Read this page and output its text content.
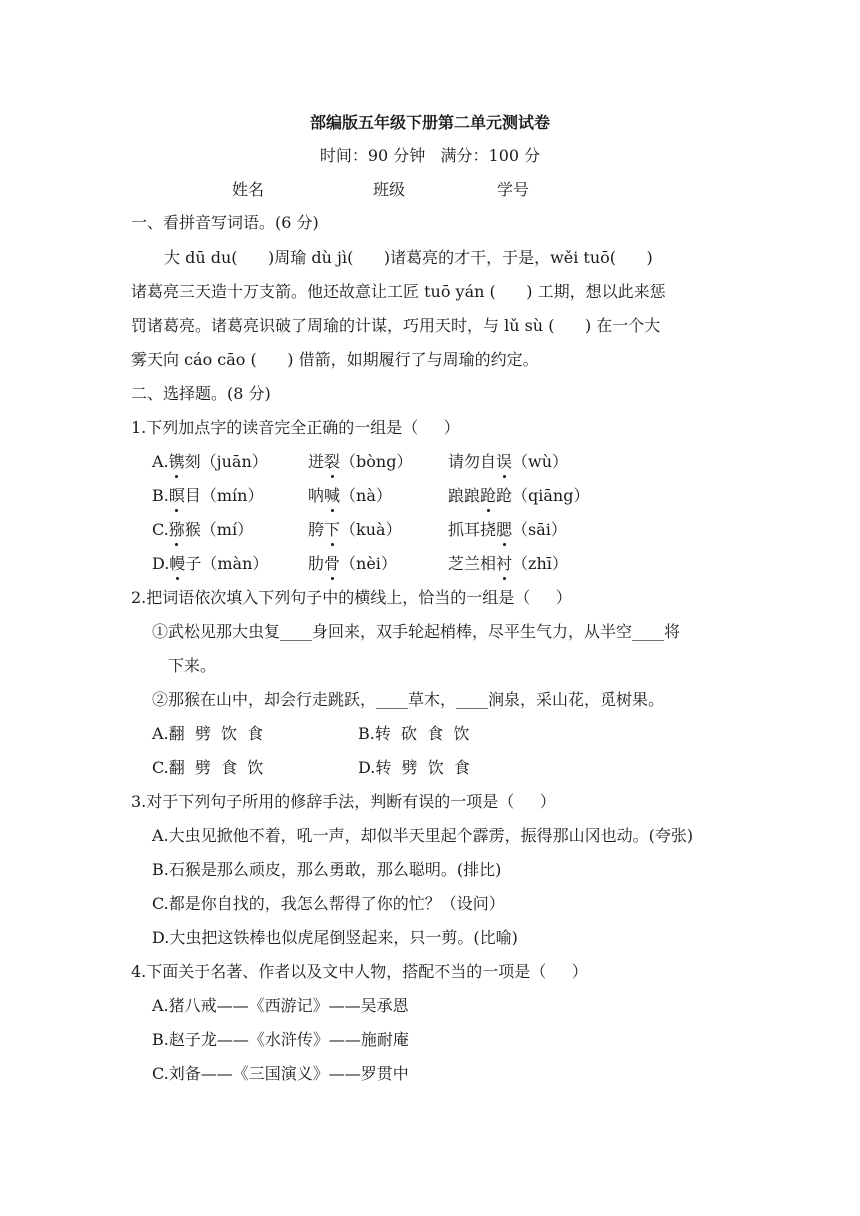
部编版五年级下册第二单元测试卷
时间：90 分钟   满分：100 分
姓名	班级	学号
一、看拼音写词语。(6 分)
大 dū du(      )周瑜 dù jì(      )诸葛亮的才干，于是，wěi tuō(      )
诸葛亮三天造十万支箭。他还故意让工匠 tuō yán (      ) 工期，想以此来惩
罚诸葛亮。诸葛亮识破了周瑜的计谋，巧用天时，与 lǔ sù (      ) 在一个大
雾天向 cáo cāo (      ) 借箭，如期履行了与周瑜的约定。
二、选择题。(8 分)
1.下列加点字的读音完全正确的一组是（     ）
A.镌刻（juān）	迸裂（bòng） 请勿自误（wù）
B.瞑目（mín）	呐喊（nà）	踉踉跄跄（qiāng）
C.猕猴（mí）	胯下（kuà）	抓耳挠腮（sāi）
D.幔子（màn） 肋骨（nèi）	芝兰相衬（zhī）
2.把词语依次填入下列句子中的横线上，恰当的一组是（     ）
①武松见那大虫复____身回来，双手轮起梢棒，尽平生气力，从半空____将
下来。
②那猴在山中，却会行走跳跃，____草木，____涧泉，采山花，觅树果。
A.翻  劈  饮  食	B.转  砍  食  饮
C.翻  劈  食  饮	D.转  劈  饮  食
3.对于下列句子所用的修辞手法，判断有误的一项是（     ）
A.大虫见掀他不着，吼一声，却似半天里起个霹雳，振得那山冈也动。(夸张)
B.石猴是那么顽皮，那么勇敢，那么聪明。(排比)
C.都是你自找的，我怎么帮得了你的忙？（设问）
D.大虫把这铁棒也似虎尾倒竖起来，只一剪。(比喻)
4.下面关于名著、作者以及文中人物，搭配不当的一项是（     ）
A.猪八戒——《西游记》——吴承恩
B.赵子龙——《水浒传》——施耐庵
C.刘备——《三国演义》——罗贯中
